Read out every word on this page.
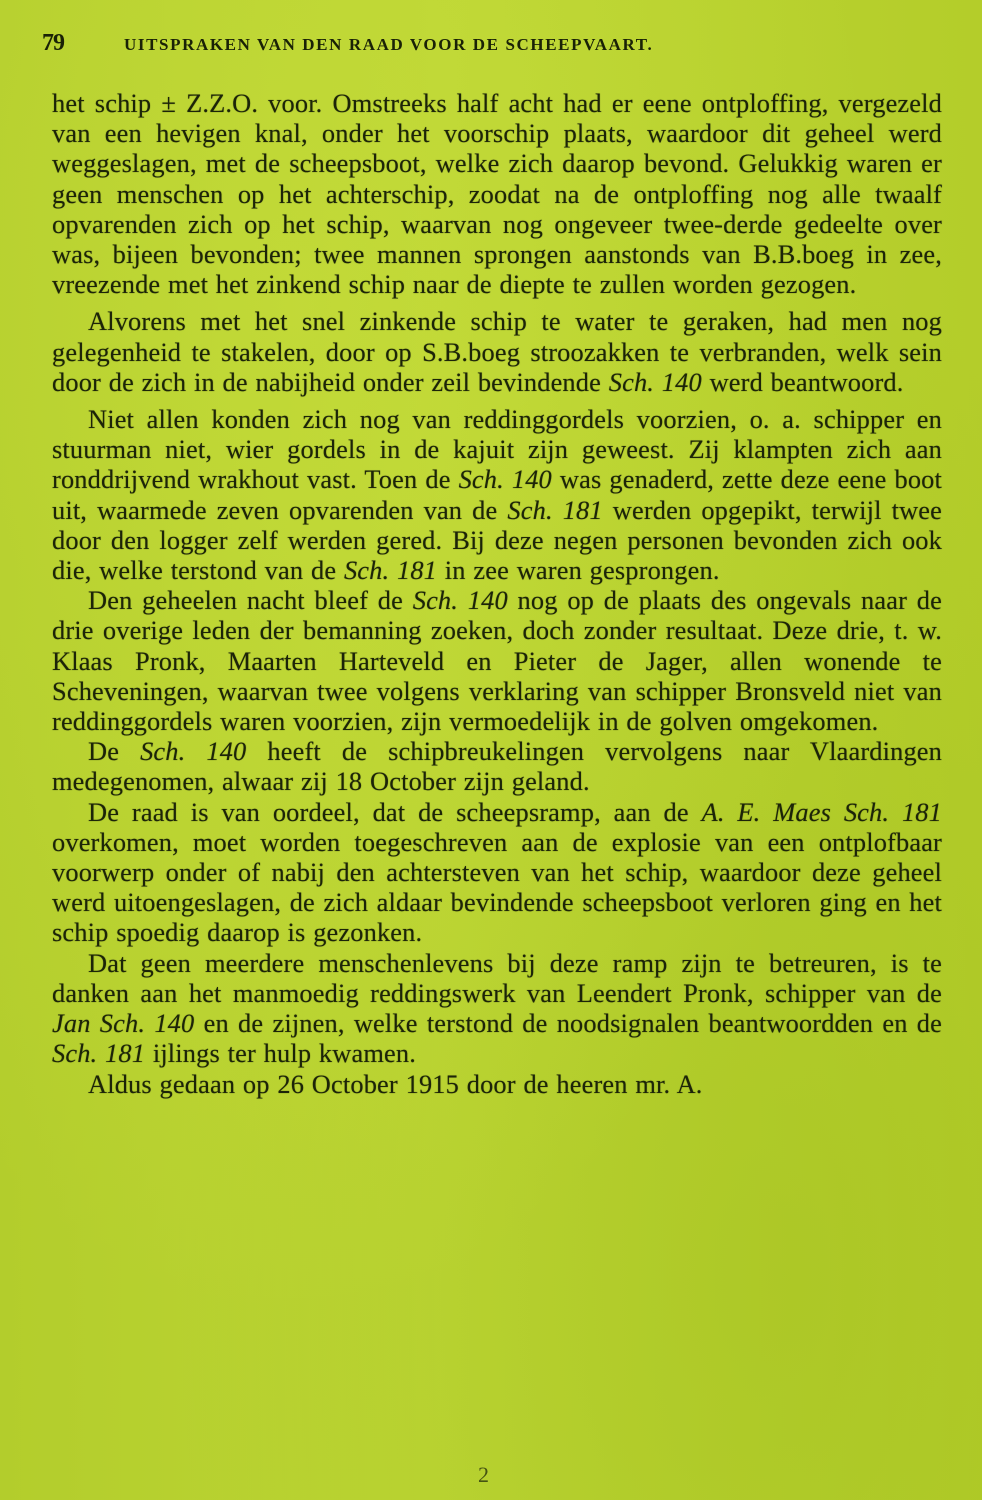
79	UITSPRAKEN VAN DEN RAAD VOOR DE SCHEEPVAART.

het schip ± Z.Z.O. voor. Omstreeks half acht had er eene ontploffing, vergezeld van een hevigen knal, onder het voorschip plaats, waardoor dit geheel werd weggeslagen, met de scheepsboot, welke zich daarop bevond. Gelukkig waren er geen menschen op het achterschip, zoodat na de ontploffing nog alle twaalf opvarenden zich op het schip, waarvan nog ongeveer twee-derde gedeelte over was, bijeen bevonden; twee mannen sprongen aanstonds van B.B.boeg in zee, vreezende met het zinkend schip naar de diepte te zullen worden gezogen.

Alvorens met het snel zinkende schip te water te geraken, had men nog gelegenheid te stakelen, door op S.B.boeg stroozakken te verbranden, welk sein door de zich in de nabijheid onder zeil bevindende Sch. 140 werd beantwoord.

Niet allen konden zich nog van reddinggordels voorzien, o. a. schipper en stuurman niet, wier gordels in de kajuit zijn geweest. Zij klampten zich aan ronddrijvend wrakhout vast. Toen de Sch. 140 was genaderd, zette deze eene boot uit, waarmede zeven opvarenden van de Sch. 181 werden opgepikt, terwijl twee door den logger zelf werden gered. Bij deze negen personen bevonden zich ook die, welke terstond van de Sch. 181 in zee waren gesprongen.

Den geheelen nacht bleef de Sch. 140 nog op de plaats des ongevals naar de drie overige leden der bemanning zoeken, doch zonder resultaat. Deze drie, t. w. Klaas Pronk, Maarten Harteveld en Pieter de Jager, allen wonende te Scheveningen, waarvan twee volgens verklaring van schipper Bronsveld niet van reddinggordels waren voorzien, zijn vermoedelijk in de golven omgekomen.

De Sch. 140 heeft de schipbreukelingen vervolgens naar Vlaardingen medegenomen, alwaar zij 18 October zijn geland.

De raad is van oordeel, dat de scheepsramp, aan de A. E. Maes Sch. 181 overkomen, moet worden toegeschreven aan de explosie van een ontplofbaar voorwerp onder of nabij den achtersteven van het schip, waardoor deze geheel werd uitoengeslagen, de zich aldaar bevindende scheepsboot verloren ging en het schip spoedig daarop is gezonken.

Dat geen meerdere menschenlevens bij deze ramp zijn te betreuren, is te danken aan het manmoedig reddingswerk van Leendert Pronk, schipper van de Jan Sch. 140 en de zijnen, welke terstond de noodsignalen beantwoordden en de Sch. 181 ijlings ter hulp kwamen.

Aldus gedaan op 26 October 1915 door de heeren mr. A.

2
